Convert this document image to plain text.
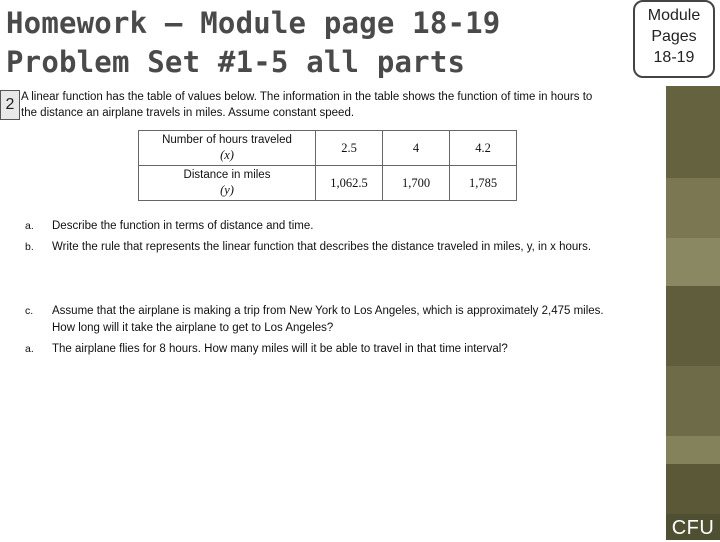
Homework – Module page 18-19
Problem Set #1-5 all parts
Module
Pages
18-19
2 A linear function has the table of values below. The information in the table shows the function of time in hours to
the distance an airplane travels in miles. Assume constant speed.
Number of hours traveled
(x)	2.5	4	4.2

Distance in miles
(y)	1,062.5	1,700	1,785
a. Describe the function in terms of distance and time.
b. Write the rule that represents the linear function that describes the distance traveled in miles, y, in x hours.
c. Assume that the airplane is making a trip from New York to Los Angeles, which is approximately 2,475 miles.
How long will it take the airplane to get to Los Angeles?
a. The airplane flies for 8 hours. How many miles will it be able to travel in that time interval?
CFU
